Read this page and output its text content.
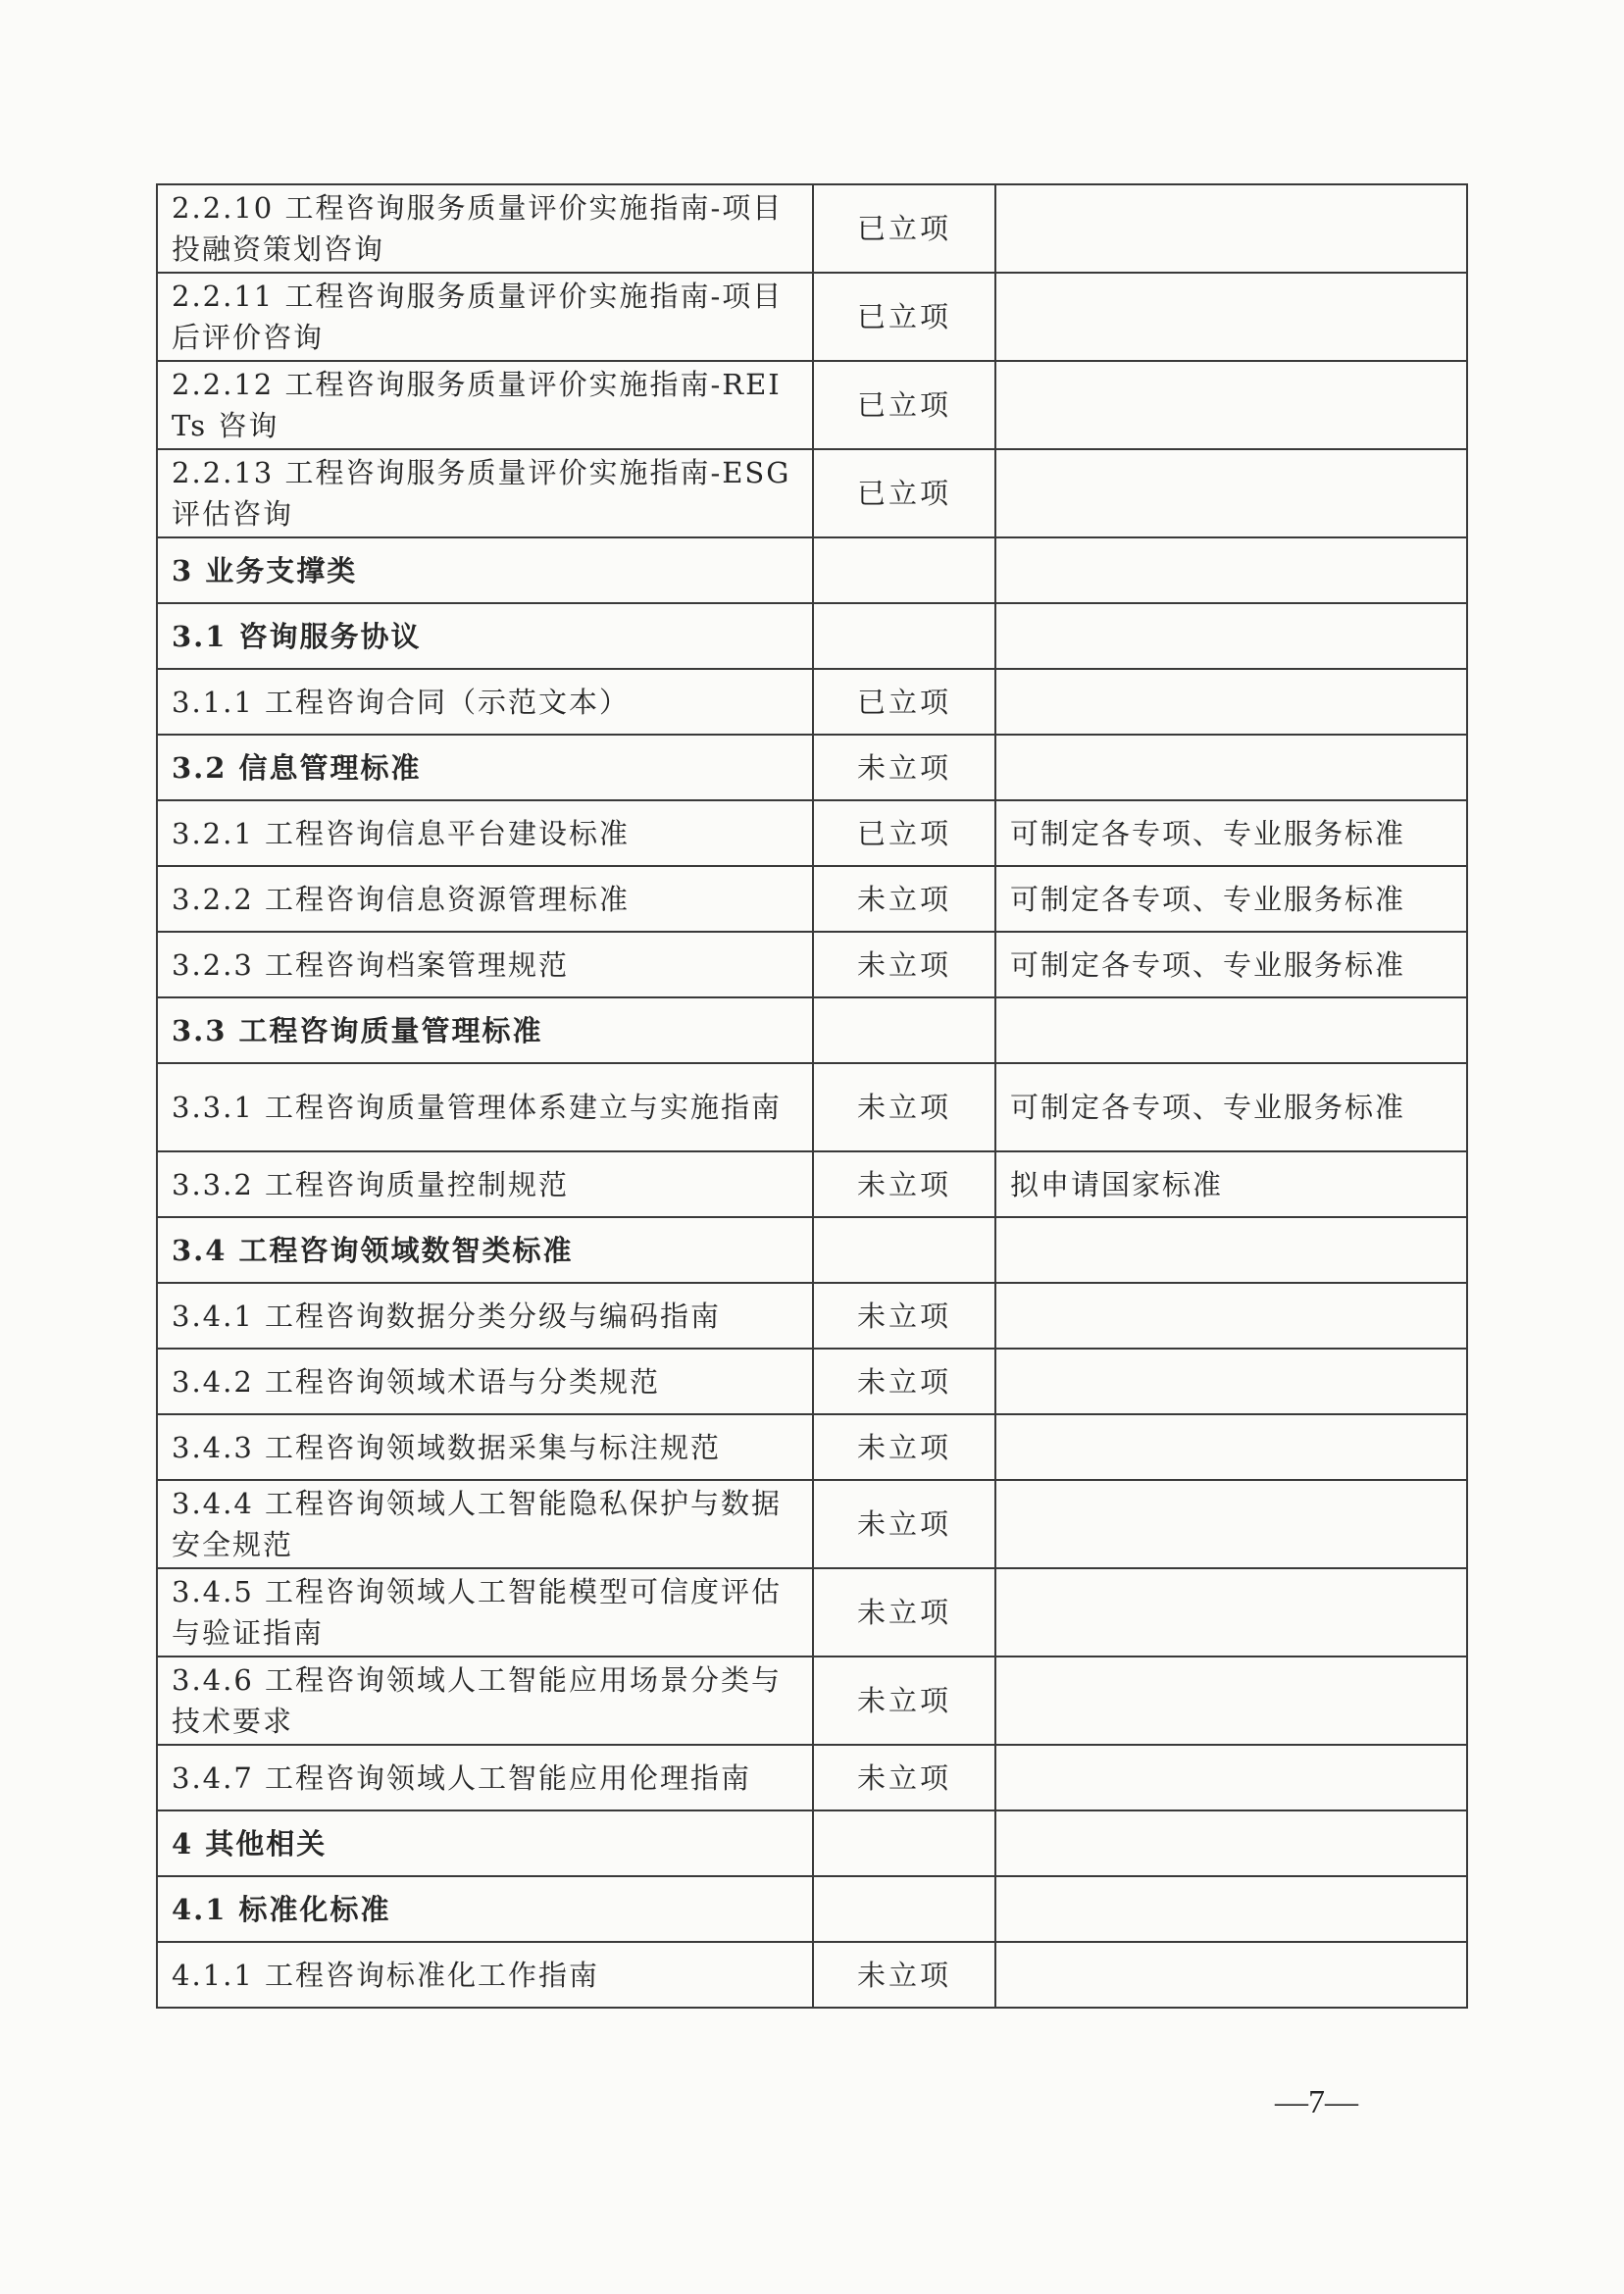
2.2.10 工程咨询服务质量评价实施指南-项目投融资策划咨询	已立项	
2.2.11 工程咨询服务质量评价实施指南-项目后评价咨询	已立项	
2.2.12 工程咨询服务质量评价实施指南-REITs 咨询	已立项	
2.2.13 工程咨询服务质量评价实施指南-ESG评估咨询	已立项	
3 业务支撑类		
3.1 咨询服务协议		
3.1.1 工程咨询合同（示范文本）	已立项	
3.2 信息管理标准	未立项	
3.2.1 工程咨询信息平台建设标准	已立项	可制定各专项、专业服务标准
3.2.2 工程咨询信息资源管理标准	未立项	可制定各专项、专业服务标准
3.2.3 工程咨询档案管理规范	未立项	可制定各专项、专业服务标准
3.3 工程咨询质量管理标准		
3.3.1 工程咨询质量管理体系建立与实施指南	未立项	可制定各专项、专业服务标准
3.3.2 工程咨询质量控制规范	未立项	拟申请国家标准
3.4 工程咨询领域数智类标准		
3.4.1 工程咨询数据分类分级与编码指南	未立项	
3.4.2 工程咨询领域术语与分类规范	未立项	
3.4.3 工程咨询领域数据采集与标注规范	未立项	
3.4.4 工程咨询领域人工智能隐私保护与数据安全规范	未立项	
3.4.5 工程咨询领域人工智能模型可信度评估与验证指南	未立项	
3.4.6 工程咨询领域人工智能应用场景分类与技术要求	未立项	
3.4.7 工程咨询领域人工智能应用伦理指南	未立项	
4 其他相关		
4.1 标准化标准		
4.1.1 工程咨询标准化工作指南	未立项	
—7—
